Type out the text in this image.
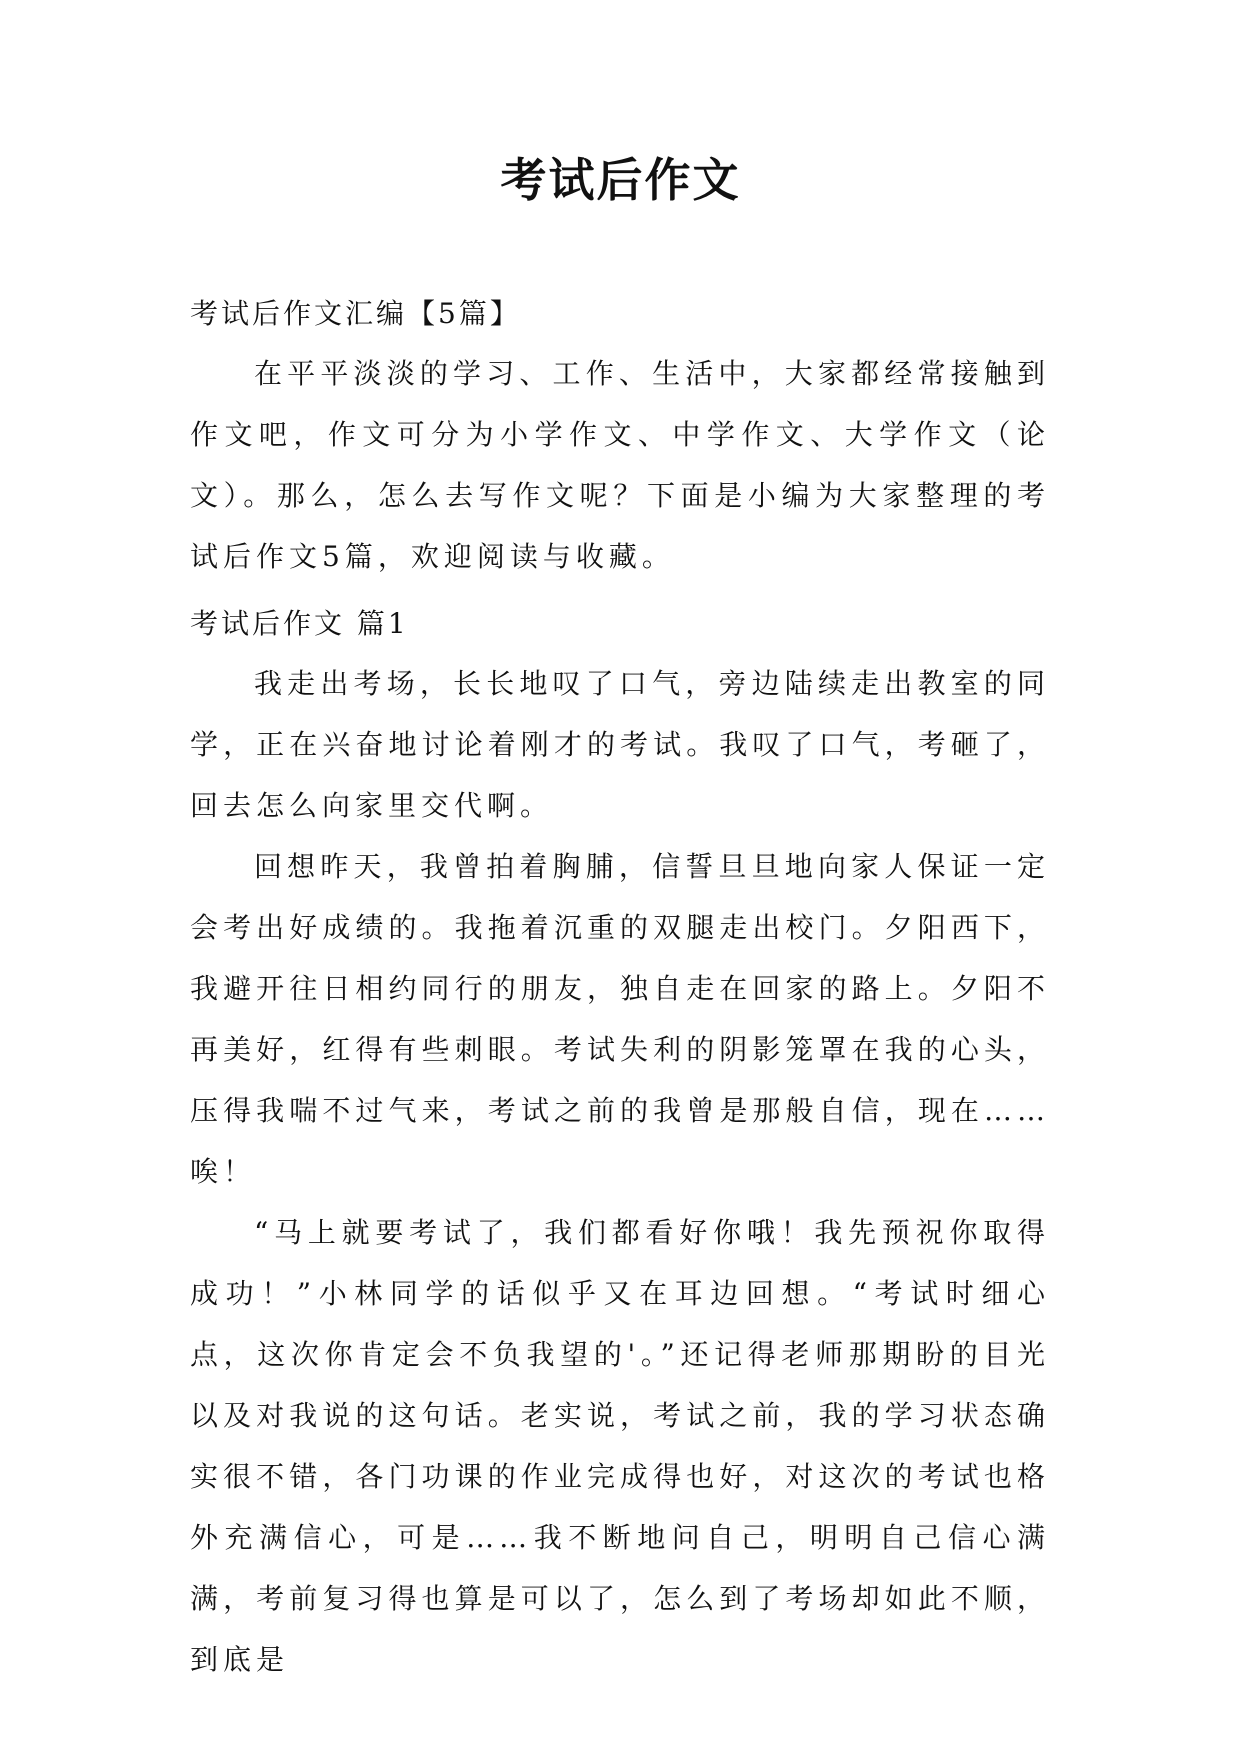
考试后作文

考试后作文汇编【5篇】

在平平淡淡的学习、工作、生活中，大家都经常接触到作文吧，作文可分为小学作文、中学作文、大学作文（论文）。那么，怎么去写作文呢？下面是小编为大家整理的考试后作文5篇，欢迎阅读与收藏。

考试后作文 篇1

我走出考场，长长地叹了口气，旁边陆续走出教室的同学，正在兴奋地讨论着刚才的考试。我叹了口气，考砸了，回去怎么向家里交代啊。

回想昨天，我曾拍着胸脯，信誓旦旦地向家人保证一定会考出好成绩的。我拖着沉重的双腿走出校门。夕阳西下，我避开往日相约同行的朋友，独自走在回家的路上。夕阳不再美好，红得有些刺眼。考试失利的阴影笼罩在我的心头，压得我喘不过气来，考试之前的我曾是那般自信，现在……唉！

“马上就要考试了，我们都看好你哦！我先预祝你取得成功！”小林同学的话似乎又在耳边回想。“考试时细心点，这次你肯定会不负我望的'。”还记得老师那期盼的目光以及对我说的这句话。老实说，考试之前，我的学习状态确实很不错，各门功课的作业完成得也好，对这次的考试也格外充满信心，可是……我不断地问自己，明明自己信心满满，考前复习得也算是可以了，怎么到了考场却如此不顺，到底是
